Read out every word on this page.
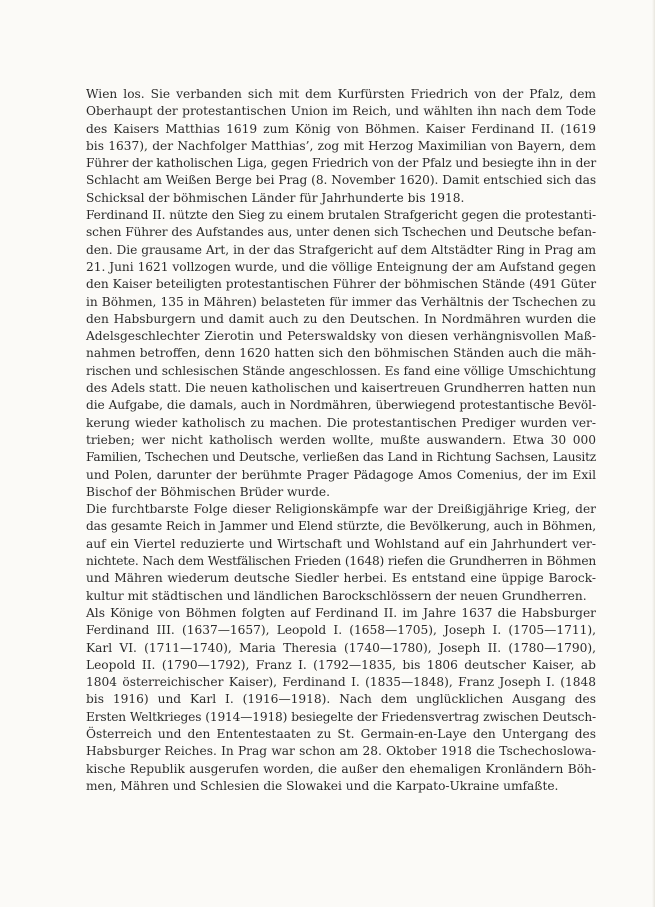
Wien los. Sie verbanden sich mit dem Kurfürsten Friedrich von der Pfalz, dem
Oberhaupt der protestantischen Union im Reich, und wählten ihn nach dem Tode
des Kaisers Matthias 1619 zum König von Böhmen. Kaiser Ferdinand II. (1619
bis 1637), der Nachfolger Matthias’, zog mit Herzog Maximilian von Bayern, dem
Führer der katholischen Liga, gegen Friedrich von der Pfalz und besiegte ihn in der
Schlacht am Weißen Berge bei Prag (8. November 1620). Damit entschied sich das
Schicksal der böhmischen Länder für Jahrhunderte bis 1918.

Ferdinand II. nützte den Sieg zu einem brutalen Strafgericht gegen die protestanti-
schen Führer des Aufstandes aus, unter denen sich Tschechen und Deutsche befan-
den. Die grausame Art, in der das Strafgericht auf dem Altstädter Ring in Prag am
21. Juni 1621 vollzogen wurde, und die völlige Enteignung der am Aufstand gegen
den Kaiser beteiligten protestantischen Führer der böhmischen Stände (491 Güter
in Böhmen, 135 in Mähren) belasteten für immer das Verhältnis der Tschechen zu
den Habsburgern und damit auch zu den Deutschen. In Nordmähren wurden die
Adelsgeschlechter Zierotin und Peterswaldsky von diesen verhängnisvollen Maß-
nahmen betroffen, denn 1620 hatten sich den böhmischen Ständen auch die mäh-
rischen und schlesischen Stände angeschlossen. Es fand eine völlige Umschichtung
des Adels statt. Die neuen katholischen und kaisertreuen Grundherren hatten nun
die Aufgabe, die damals, auch in Nordmähren, überwiegend protestantische Bevöl-
kerung wieder katholisch zu machen. Die protestantischen Prediger wurden ver-
trieben; wer nicht katholisch werden wollte, mußte auswandern. Etwa 30 000
Familien, Tschechen und Deutsche, verließen das Land in Richtung Sachsen, Lausitz
und Polen, darunter der berühmte Prager Pädagoge Amos Comenius, der im Exil
Bischof der Böhmischen Brüder wurde.

Die furchtbarste Folge dieser Religionskämpfe war der Dreißigjährige Krieg, der
das gesamte Reich in Jammer und Elend stürzte, die Bevölkerung, auch in Böhmen,
auf ein Viertel reduzierte und Wirtschaft und Wohlstand auf ein Jahrhundert ver-
nichtete. Nach dem Westfälischen Frieden (1648) riefen die Grundherren in Böhmen
und Mähren wiederum deutsche Siedler herbei. Es entstand eine üppige Barock-
kultur mit städtischen und ländlichen Barockschlössern der neuen Grundherren.

Als Könige von Böhmen folgten auf Ferdinand II. im Jahre 1637 die Habsburger
Ferdinand III. (1637—1657), Leopold I. (1658—1705), Joseph I. (1705—1711),
Karl VI. (1711—1740), Maria Theresia (1740—1780), Joseph II. (1780—1790),
Leopold II. (1790—1792), Franz I. (1792—1835, bis 1806 deutscher Kaiser, ab
1804 österreichischer Kaiser), Ferdinand I. (1835—1848), Franz Joseph I. (1848
bis 1916) und Karl I. (1916—1918). Nach dem unglücklichen Ausgang des
Ersten Weltkrieges (1914—1918) besiegelte der Friedensvertrag zwischen Deutsch-
Österreich und den Ententestaaten zu St. Germain-en-Laye den Untergang des
Habsburger Reiches. In Prag war schon am 28. Oktober 1918 die Tschechoslowa-
kische Republik ausgerufen worden, die außer den ehemaligen Kronländern Böh-
men, Mähren und Schlesien die Slowakei und die Karpato-Ukraine umfaßte.
